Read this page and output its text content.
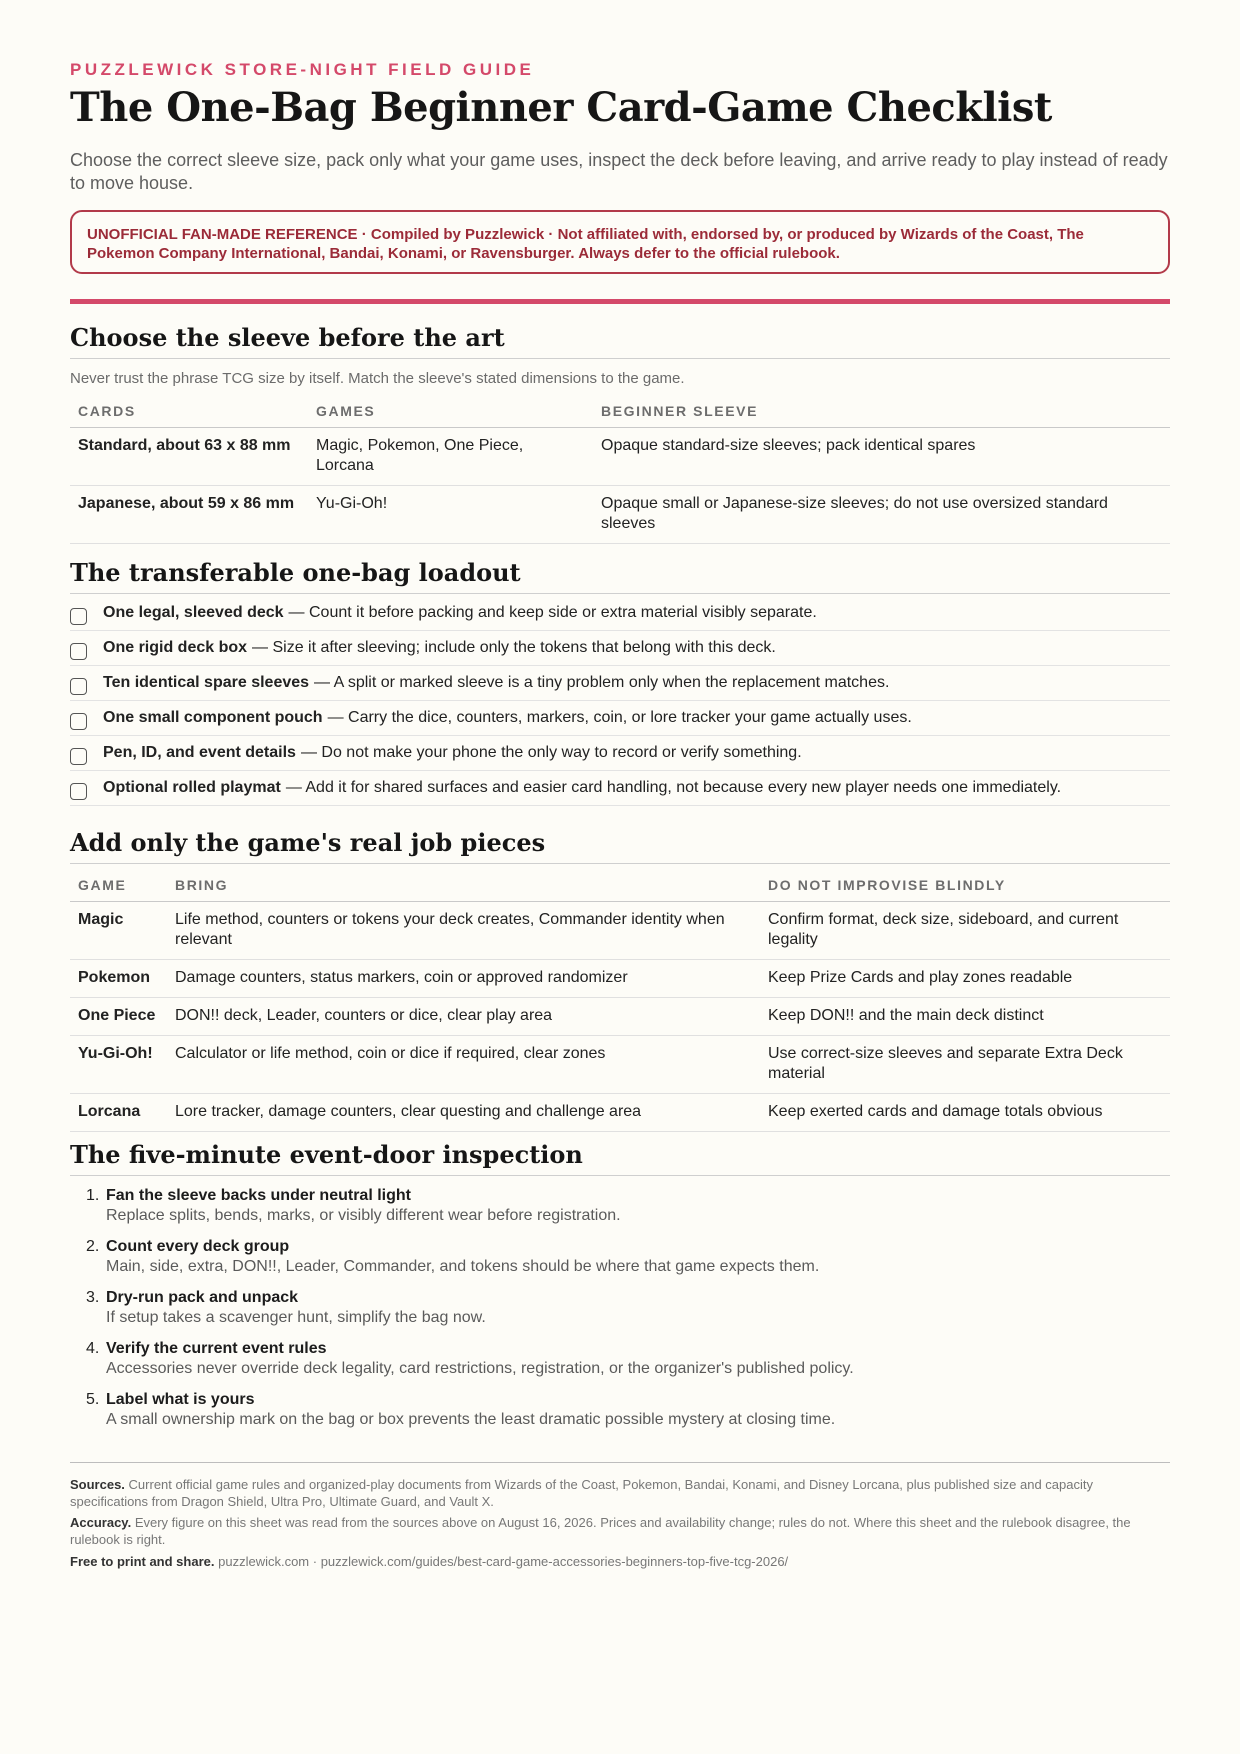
PUZZLEWICK STORE-NIGHT FIELD GUIDE
The One-Bag Beginner Card-Game Checklist
Choose the correct sleeve size, pack only what your game uses, inspect the deck before leaving, and arrive ready to play instead of ready to move house.
UNOFFICIAL FAN-MADE REFERENCE · Compiled by Puzzlewick · Not affiliated with, endorsed by, or produced by Wizards of the Coast, The Pokemon Company International, Bandai, Konami, or Ravensburger. Always defer to the official rulebook.
Choose the sleeve before the art
Never trust the phrase TCG size by itself. Match the sleeve's stated dimensions to the game.
CARDS	GAMES	BEGINNER SLEEVE
Standard, about 63 x 88 mm	Magic, Pokemon, One Piece, Lorcana	Opaque standard-size sleeves; pack identical spares
Japanese, about 59 x 86 mm	Yu-Gi-Oh!	Opaque small or Japanese-size sleeves; do not use oversized standard sleeves
The transferable one-bag loadout
One legal, sleeved deck — Count it before packing and keep side or extra material visibly separate.
One rigid deck box — Size it after sleeving; include only the tokens that belong with this deck.
Ten identical spare sleeves — A split or marked sleeve is a tiny problem only when the replacement matches.
One small component pouch — Carry the dice, counters, markers, coin, or lore tracker your game actually uses.
Pen, ID, and event details — Do not make your phone the only way to record or verify something.
Optional rolled playmat — Add it for shared surfaces and easier card handling, not because every new player needs one immediately.
Add only the game's real job pieces
GAME	BRING	DO NOT IMPROVISE BLINDLY
Magic	Life method, counters or tokens your deck creates, Commander identity when relevant	Confirm format, deck size, sideboard, and current legality
Pokemon	Damage counters, status markers, coin or approved randomizer	Keep Prize Cards and play zones readable
One Piece	DON!! deck, Leader, counters or dice, clear play area	Keep DON!! and the main deck distinct
Yu-Gi-Oh!	Calculator or life method, coin or dice if required, clear zones	Use correct-size sleeves and separate Extra Deck material
Lorcana	Lore tracker, damage counters, clear questing and challenge area	Keep exerted cards and damage totals obvious
The five-minute event-door inspection
1. Fan the sleeve backs under neutral light
Replace splits, bends, marks, or visibly different wear before registration.
2. Count every deck group
Main, side, extra, DON!!, Leader, Commander, and tokens should be where that game expects them.
3. Dry-run pack and unpack
If setup takes a scavenger hunt, simplify the bag now.
4. Verify the current event rules
Accessories never override deck legality, card restrictions, registration, or the organizer's published policy.
5. Label what is yours
A small ownership mark on the bag or box prevents the least dramatic possible mystery at closing time.
Sources. Current official game rules and organized-play documents from Wizards of the Coast, Pokemon, Bandai, Konami, and Disney Lorcana, plus published size and capacity specifications from Dragon Shield, Ultra Pro, Ultimate Guard, and Vault X.
Accuracy. Every figure on this sheet was read from the sources above on August 16, 2026. Prices and availability change; rules do not. Where this sheet and the rulebook disagree, the rulebook is right.
Free to print and share. puzzlewick.com · puzzlewick.com/guides/best-card-game-accessories-beginners-top-five-tcg-2026/
